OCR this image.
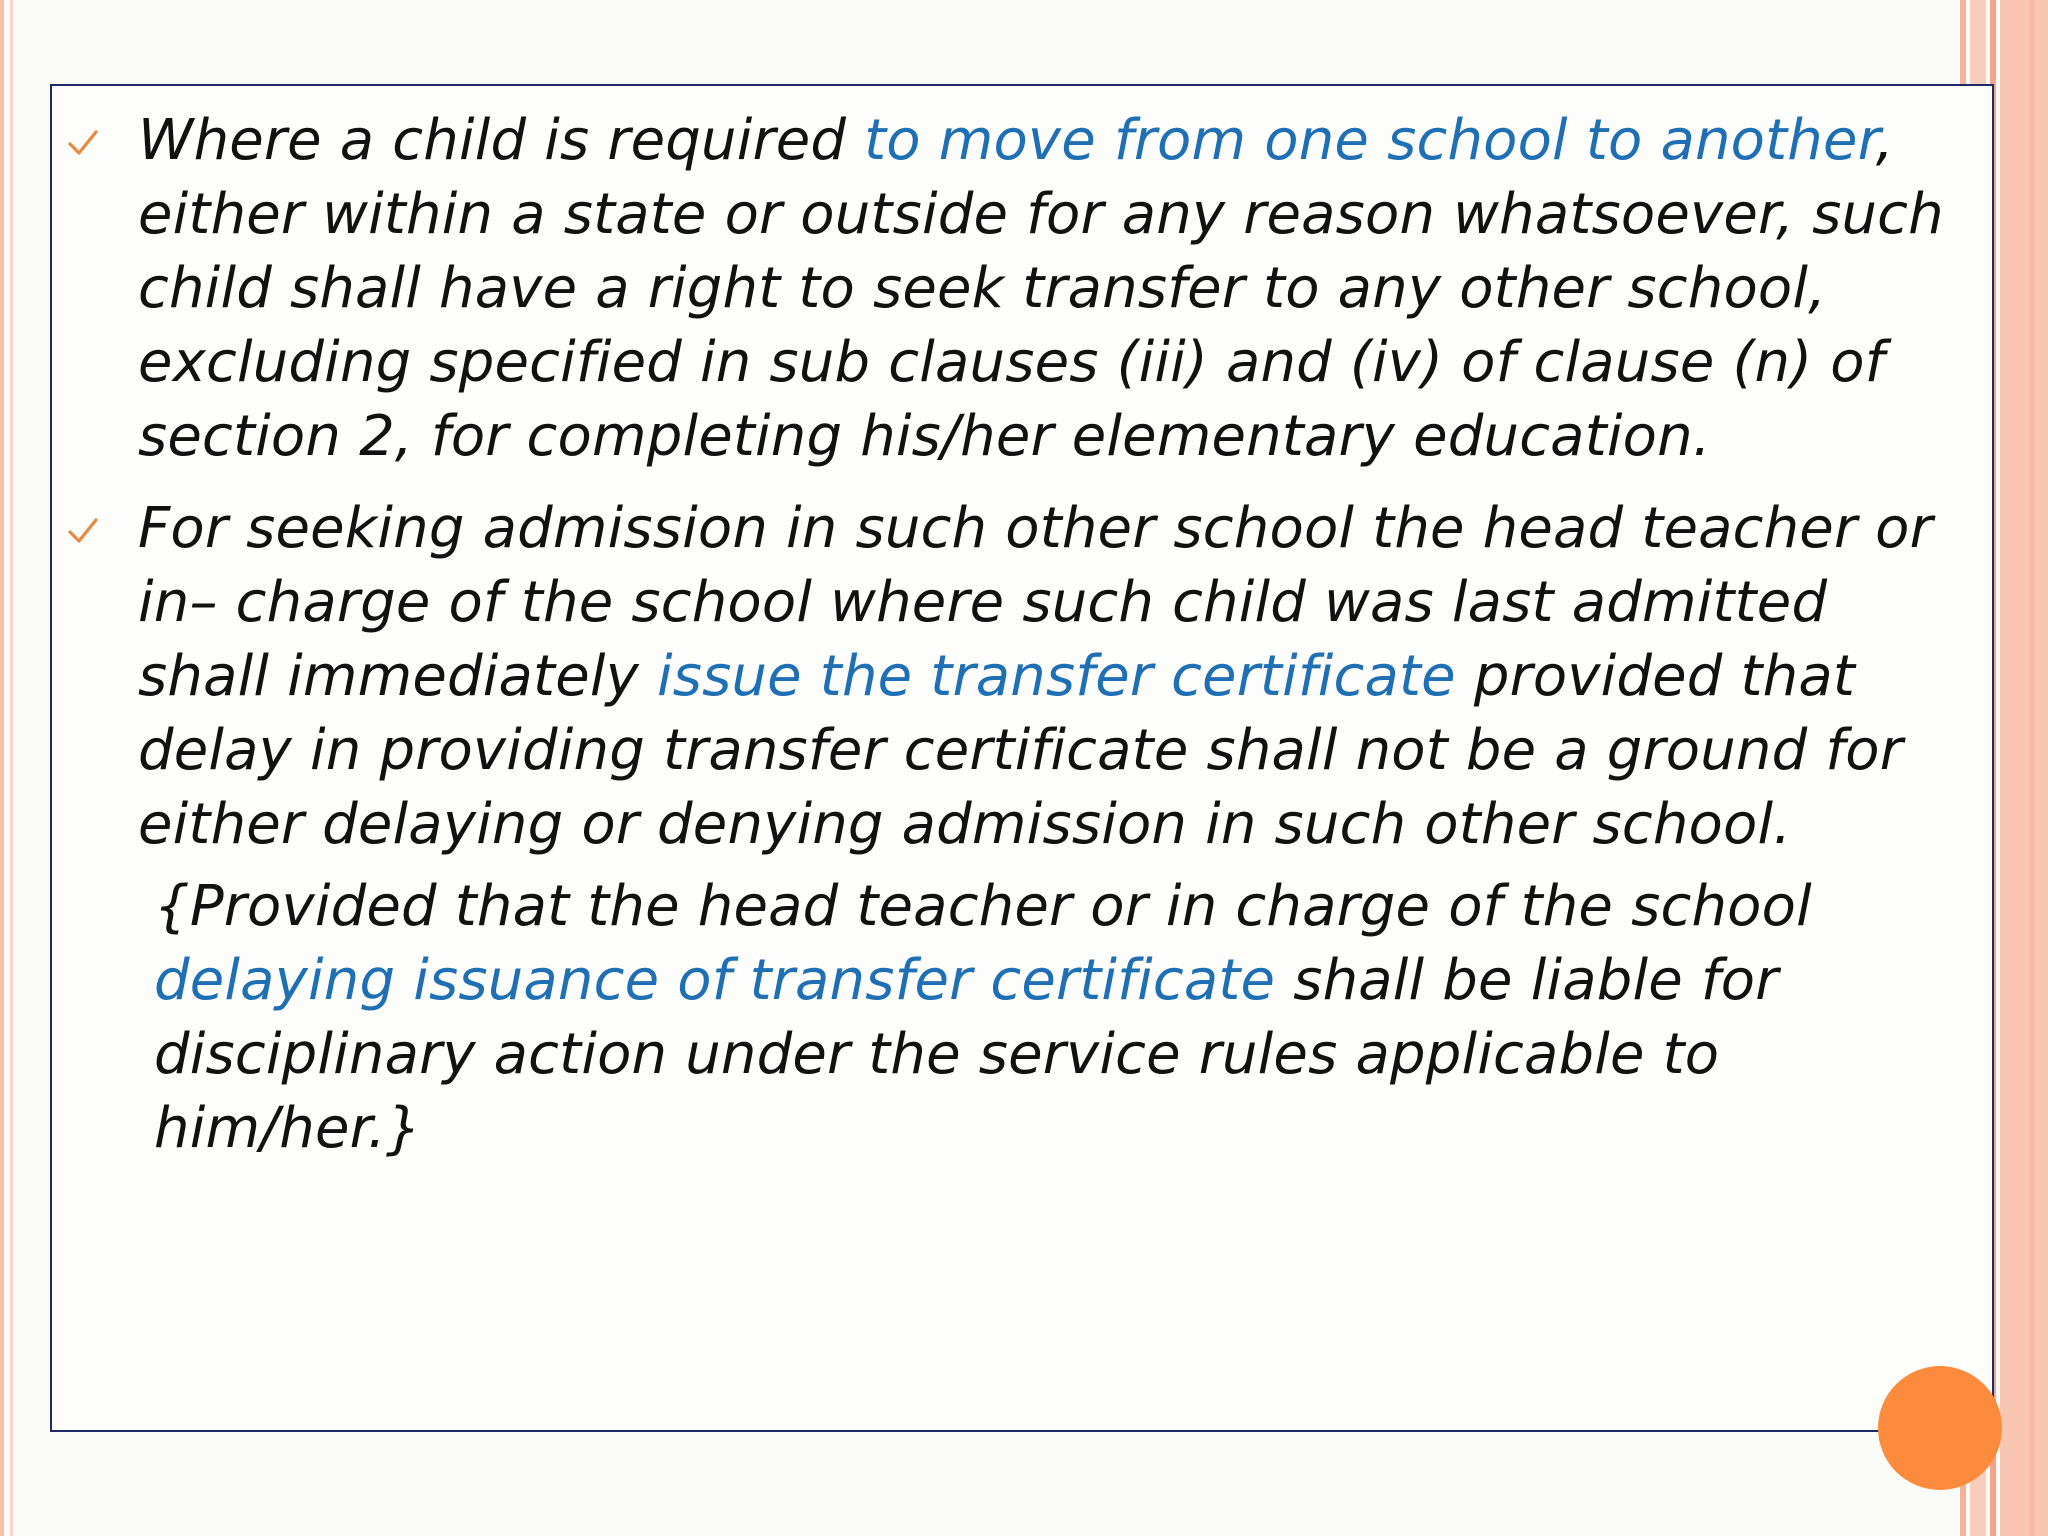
Where a child is required to move from one school to another, either within a state or outside for any reason whatsoever, such child shall have a right to seek transfer to any other school, excluding specified in sub clauses (iii) and (iv) of clause (n) of section 2, for completing his/her elementary education.
For seeking admission in such other school the head teacher or in– charge of the school where such child was last admitted shall immediately issue the transfer certificate provided that delay in providing transfer certificate shall not be a ground for either delaying or denying admission in such other school.

{Provided that the head teacher or in charge of the school delaying issuance of transfer certificate shall be liable for disciplinary action under the service rules applicable to him/her.}
